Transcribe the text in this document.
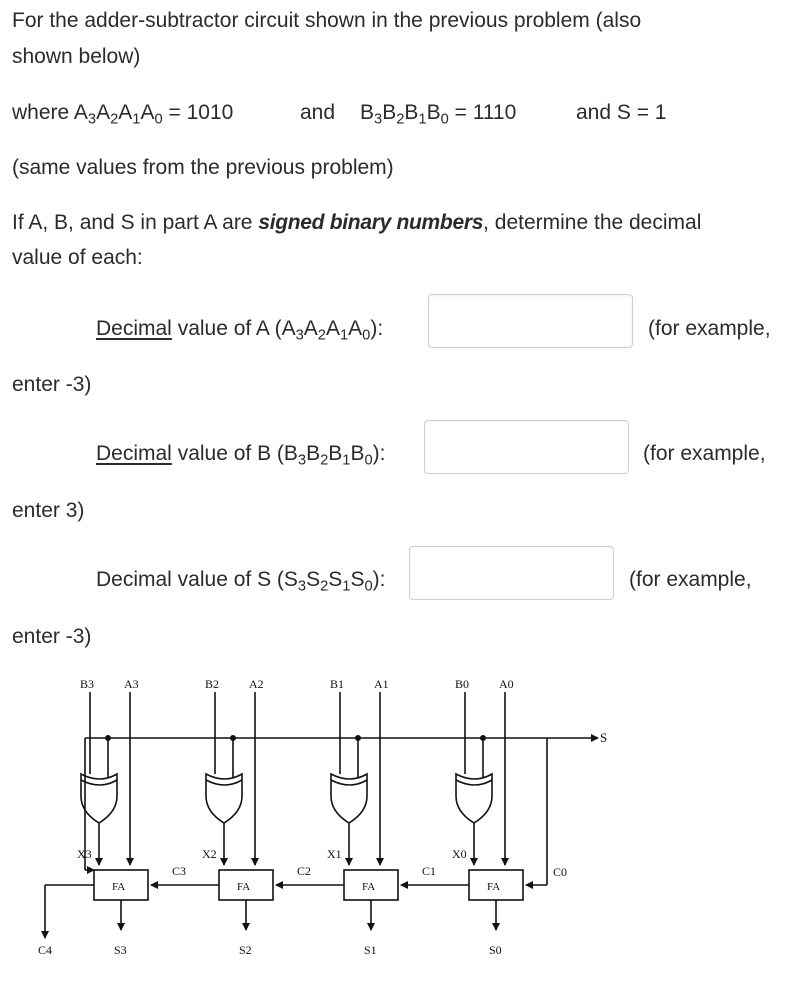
For the adder-subtractor circuit shown in the previous problem (also
shown below)
where $A_3A_2A_1A_0 = 1010$	and $B_3B_2B_1B_0 = 1110$	and S = 1
(same values from the previous problem)
If A, B, and S in part A are signed binary numbers, determine the decimal
value of each:
Decimal value of A $(A_3A_2A_1A_0)$:	(for example,
enter -3)
Decimal value of B $(B_3B_2B_1B_0)$:	(for example,
enter 3)
Decimal value of S $(S_3S_2S_1S_0)$:	(for example,
enter -3)
B3 A3	B2 A2	B1 A1	B0 A0
S
X3	X2	X1	X0
FA	FA	FA	FA
C4
C3	C2	C1	C0
S3	S2	S1	S0
